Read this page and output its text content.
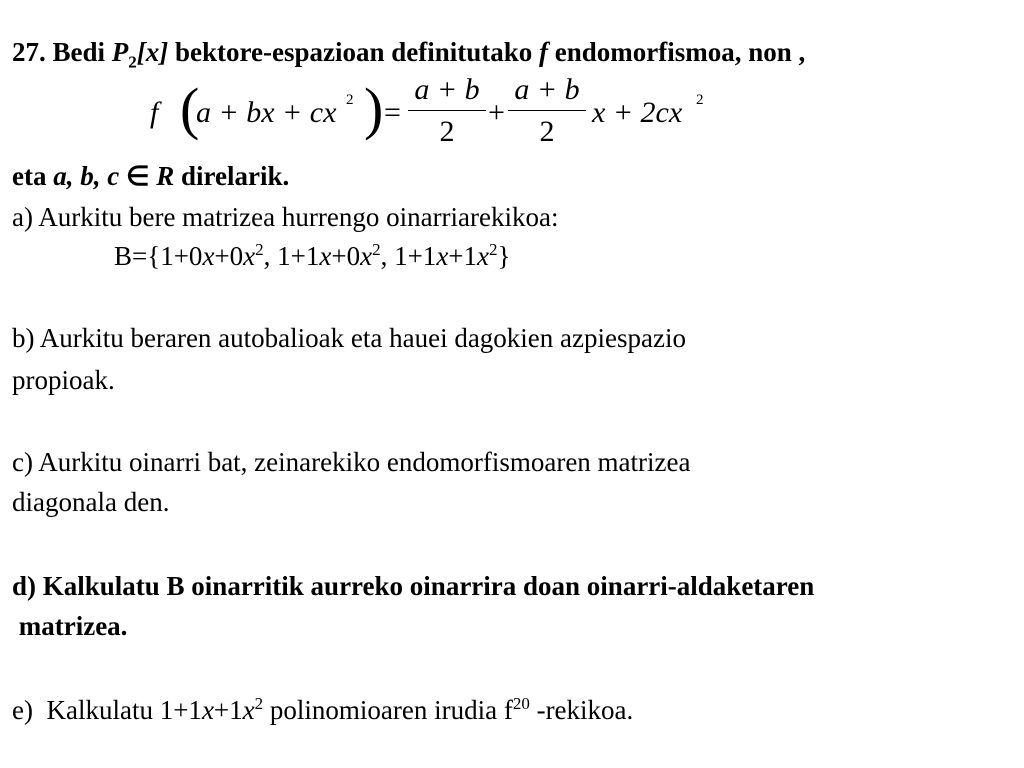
27. Bedi $P_2[x]$ bektore-espazioan definitutako f endomorfismoa, non ,
f (
a + bx + cx 2 ) =
a + b
2
+
a + b
2
x + 2cx 2
eta a, b, c ∈ R direlarik.
a) Aurkitu bere matrizea hurrengo oinarriarekikoa:
$B=\{1+0x+0x^2$, $1+1x+0x^2$, $1+1x+1x^2$}
b) Aurkitu beraren autobalioak eta hauei dagokien azpiespazio
propioak.
c) Aurkitu oinarri bat, zeinarekiko endomorfismoaren matrizea
diagonala den.
d) Kalkulatu B oinarritik aurreko oinarrira doan oinarri-aldaketaren
matrizea.
e)  Kalkulatu $1+1x+1x^2$ polinomioaren irudia $f^{20}$ -rekikoa.
